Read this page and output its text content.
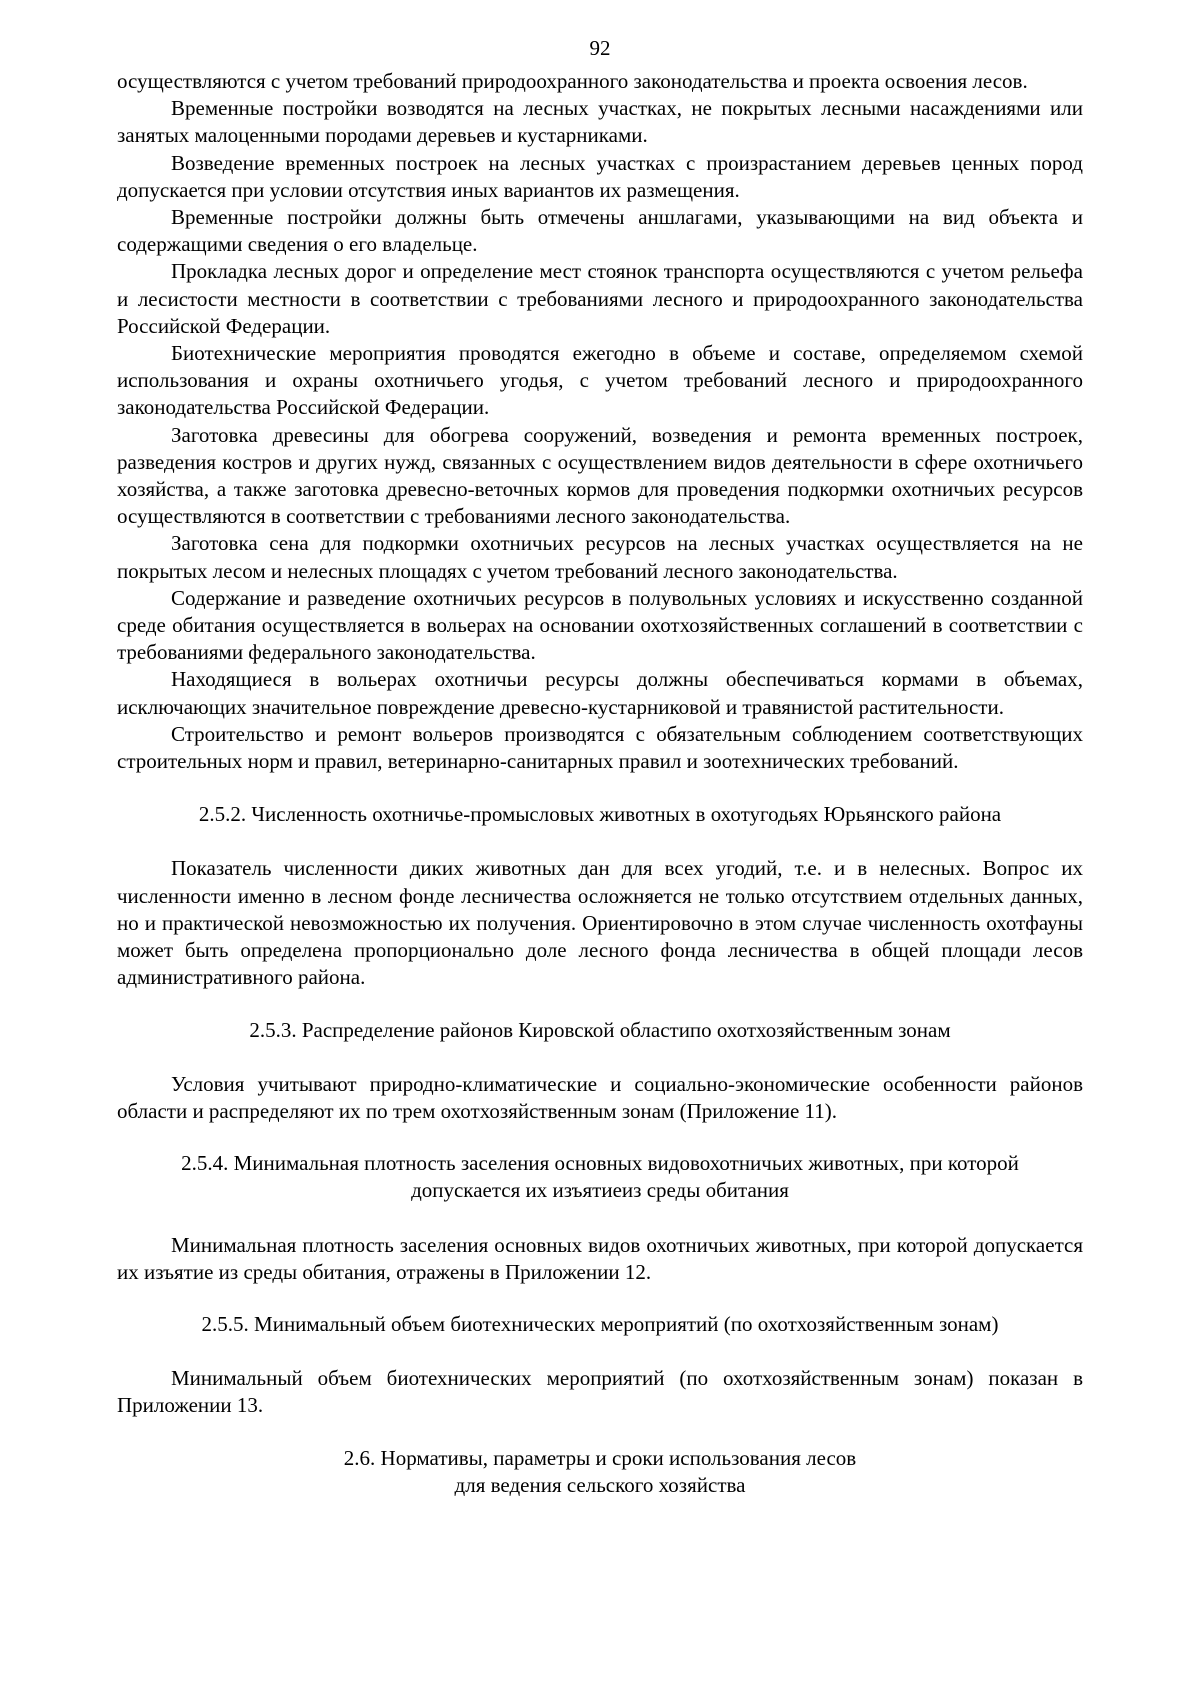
92

осуществляются с учетом требований природоохранного законодательства и проекта освоения лесов.

Временные постройки возводятся на лесных участках, не покрытых лесными насаждениями или занятых малоценными породами деревьев и кустарниками.

Возведение временных построек на лесных участках с произрастанием деревьев ценных пород допускается при условии отсутствия иных вариантов их размещения.

Временные постройки должны быть отмечены аншлагами, указывающими на вид объекта и содержащими сведения о его владельце.

Прокладка лесных дорог и определение мест стоянок транспорта осуществляются с учетом рельефа и лесистости местности в соответствии с требованиями лесного и природоохранного законодательства Российской Федерации.

Биотехнические мероприятия проводятся ежегодно в объеме и составе, определяемом схемой использования и охраны охотничьего угодья, с учетом требований лесного и природоохранного законодательства Российской Федерации.

Заготовка древесины для обогрева сооружений, возведения и ремонта временных построек, разведения костров и других нужд, связанных с осуществлением видов деятельности в сфере охотничьего хозяйства, а также заготовка древесно-веточных кормов для проведения подкормки охотничьих ресурсов осуществляются в соответствии с требованиями лесного законодательства.

Заготовка сена для подкормки охотничьих ресурсов на лесных участках осуществляется на не покрытых лесом и нелесных площадях с учетом требований лесного законодательства.

Содержание и разведение охотничьих ресурсов в полувольных условиях и искусственно созданной среде обитания осуществляется в вольерах на основании охотхозяйственных соглашений в соответствии с требованиями федерального законодательства.

Находящиеся в вольерах охотничьи ресурсы должны обеспечиваться кормами в объемах, исключающих значительное повреждение древесно-кустарниковой и травянистой растительности.

Строительство и ремонт вольеров производятся с обязательным соблюдением соответствующих строительных норм и правил, ветеринарно-санитарных правил и зоотехнических требований.

2.5.2. Численность охотничье-промысловых животных в охотугодьях Юрьянского района

Показатель численности диких животных дан для всех угодий, т.е. и в нелесных. Вопрос их численности именно в лесном фонде лесничества осложняется не только отсутствием отдельных данных, но и практической невозможностью их получения. Ориентировочно в этом случае численность охотфауны может быть определена пропорционально доле лесного фонда лесничества в общей площади лесов административного района.

2.5.3. Распределение районов Кировской областипо охотхозяйственным зонам

Условия учитывают природно-климатические и социально-экономические особенности районов области и распределяют их по трем охотхозяйственным зонам (Приложение 11).

2.5.4. Минимальная плотность заселения основных видовохотничьих животных, при которой
допускается их изъятиеиз среды обитания

Минимальная плотность заселения основных видов охотничьих животных, при которой допускается их изъятие из среды обитания, отражены в Приложении 12.

2.5.5. Минимальный объем биотехнических мероприятий (по охотхозяйственным зонам)

Минимальный объем биотехнических мероприятий (по охотхозяйственным зонам) показан в Приложении 13.

2.6. Нормативы, параметры и сроки использования лесов
для ведения сельского хозяйства
